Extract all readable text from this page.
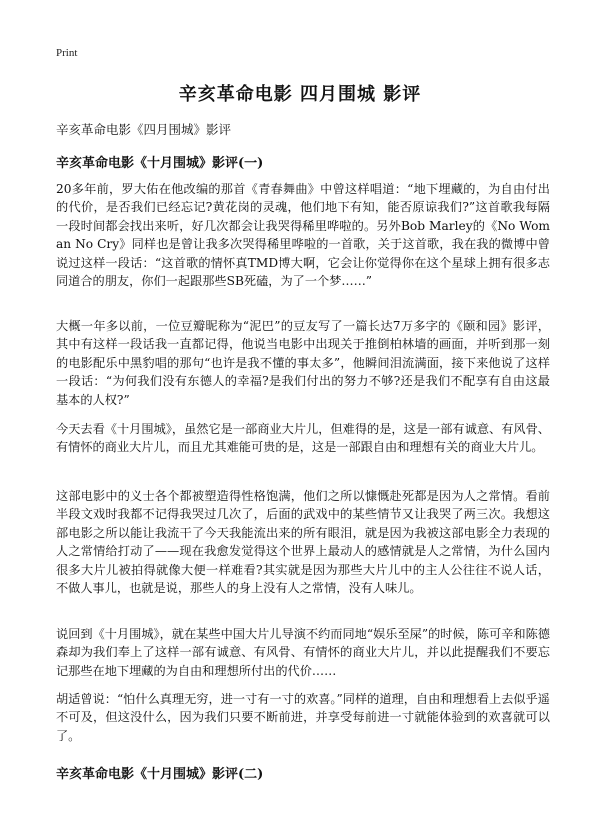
Print
辛亥革命电影 四月围城 影评
辛亥革命电影《四月围城》影评
辛亥革命电影《十月围城》影评(一)

20多年前，罗大佑在他改编的那首《青春舞曲》中曾这样唱道：“地下埋藏的，为自由付出的代价，是否我们已经忘记?黄花岗的灵魂，他们地下有知，能否原谅我们?”这首歌我每隔一段时间都会找出来听，好几次都会让我哭得稀里哗啦的。另外Bob Marley的《No Woman No Cry》同样也是曾让我多次哭得稀里哗啦的一首歌，关于这首歌，我在我的微博中曾说过这样一段话：“这首歌的情怀真TMD博大啊，它会让你觉得你在这个星球上拥有很多志同道合的朋友，你们一起跟那些SB死磕，为了一个梦……”

大概一年多以前，一位豆瓣昵称为“泥巴”的豆友写了一篇长达7万多字的《颐和园》影评，其中有这样一段话我一直都记得，他说当电影中出现关于推倒柏林墙的画面，并听到那一刻的电影配乐中黑豹唱的那句“也许是我不懂的事太多”，他瞬间泪流满面，接下来他说了这样一段话：“为何我们没有东德人的幸福?是我们付出的努力不够?还是我们不配享有自由这最基本的人权?”

今天去看《十月围城》，虽然它是一部商业大片儿，但难得的是，这是一部有诚意、有风骨、有情怀的商业大片儿，而且尤其难能可贵的是，这是一部跟自由和理想有关的商业大片儿。

这部电影中的义士各个都被塑造得性格饱满，他们之所以慷慨赴死都是因为人之常情。看前半段文戏时我都不记得我哭过几次了，后面的武戏中的某些情节又让我哭了两三次。我想这部电影之所以能让我流干了今天我能流出来的所有眼泪，就是因为我被这部电影全力表现的人之常情给打动了——现在我愈发觉得这个世界上最动人的感情就是人之常情，为什么国内很多大片儿被拍得就像大便一样难看?其实就是因为那些大片儿中的主人公往往不说人话，不做人事儿，也就是说，那些人的身上没有人之常情，没有人味儿。

说回到《十月围城》，就在某些中国大片儿导演不约而同地“娱乐至屎”的时候，陈可辛和陈德森却为我们奉上了这样一部有诚意、有风骨、有情怀的商业大片儿，并以此提醒我们不要忘记那些在地下埋藏的为自由和理想所付出的代价……

胡适曾说：“怕什么真理无穷，进一寸有一寸的欢喜。”同样的道理，自由和理想看上去似乎遥不可及，但这没什么，因为我们只要不断前进，并享受每前进一寸就能体验到的欢喜就可以了。

辛亥革命电影《十月围城》影评(二)
